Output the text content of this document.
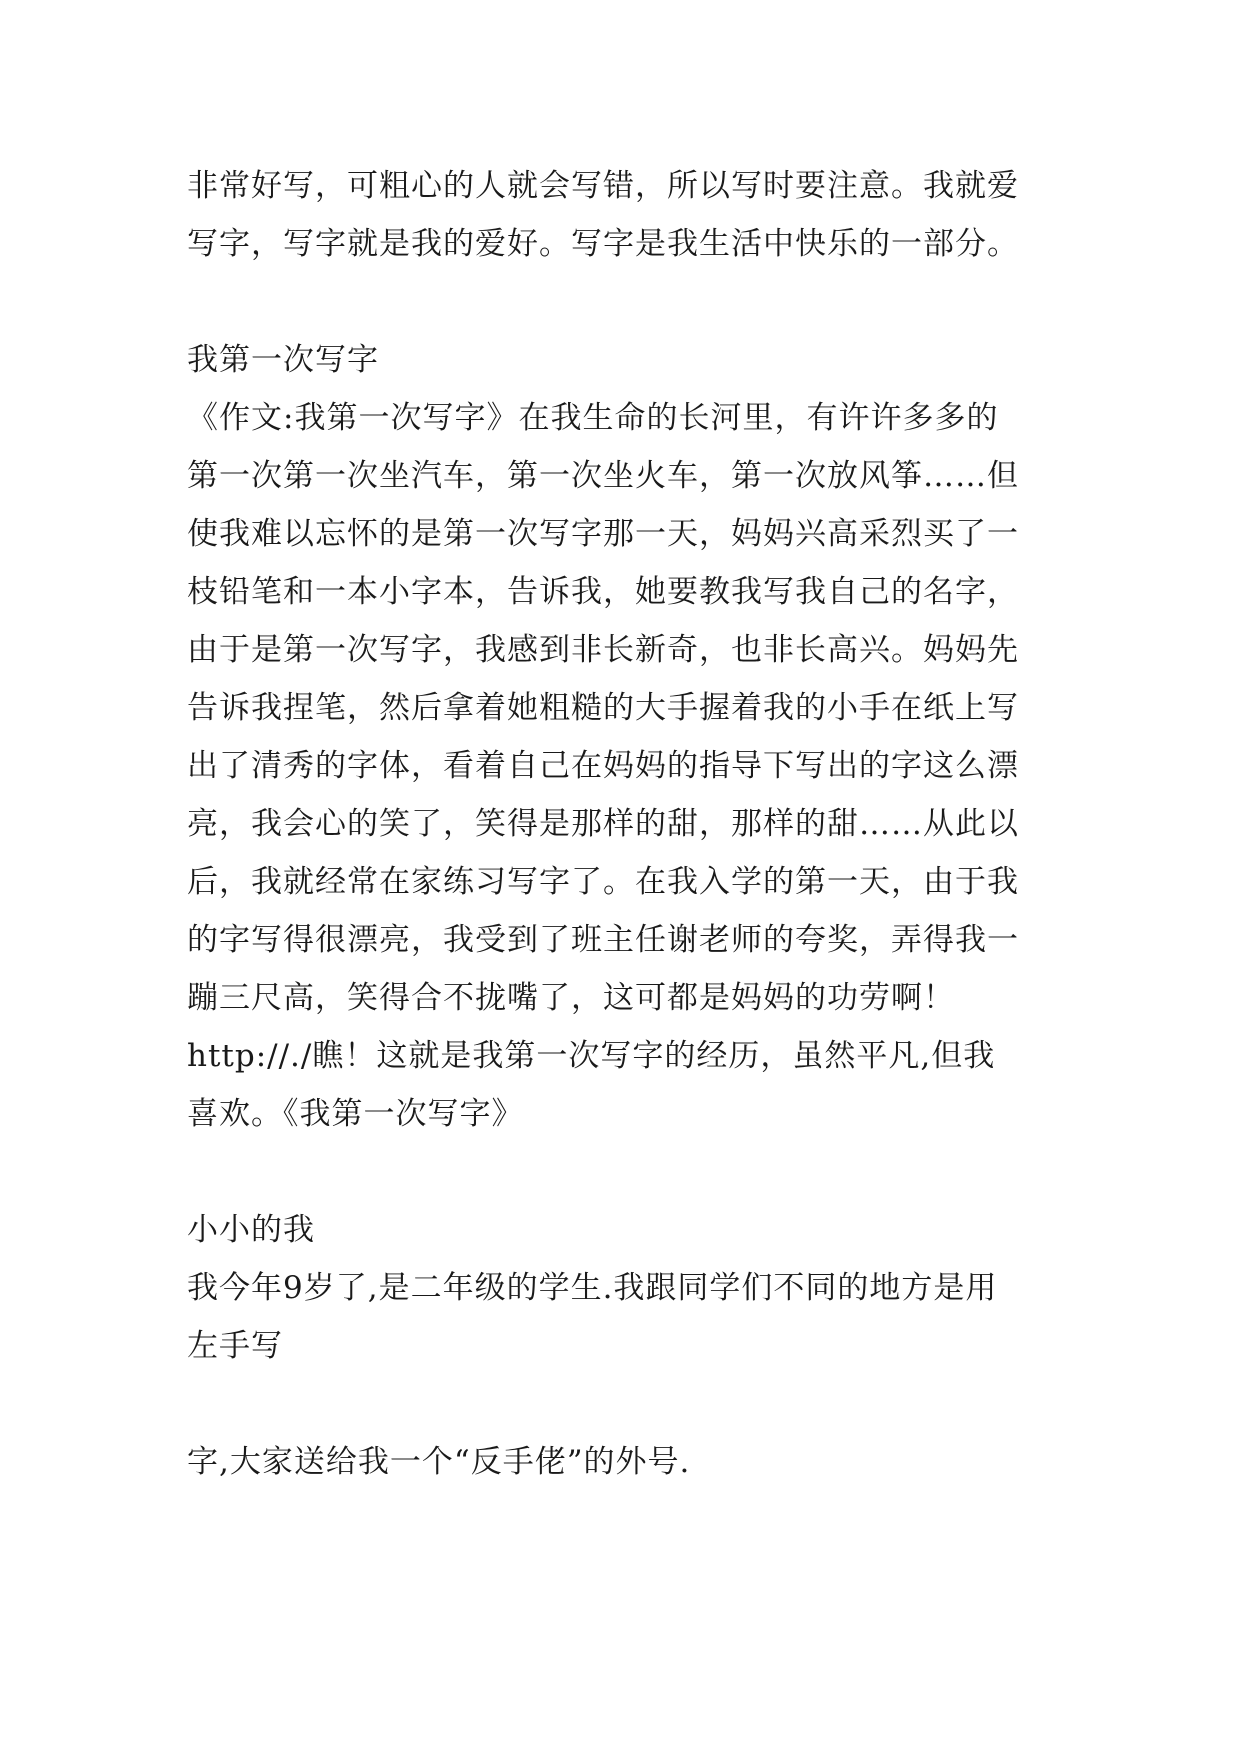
非常好写，可粗心的人就会写错，所以写时要注意。我就爱
写字，写字就是我的爱好。写字是我生活中快乐的一部分。
我第一次写字
《作文:我第一次写字》在我生命的长河里，有许许多多的
第一次第一次坐汽车，第一次坐火车，第一次放风筝……但
使我难以忘怀的是第一次写字那一天，妈妈兴高采烈买了一
枝铅笔和一本小字本，告诉我，她要教我写我自己的名字，
由于是第一次写字，我感到非长新奇，也非长高兴。妈妈先
告诉我捏笔，然后拿着她粗糙的大手握着我的小手在纸上写
出了清秀的字体，看着自己在妈妈的指导下写出的字这么漂
亮，我会心的笑了，笑得是那样的甜，那样的甜……从此以
后，我就经常在家练习写字了。在我入学的第一天，由于我
的字写得很漂亮，我受到了班主任谢老师的夸奖，弄得我一
蹦三尺高，笑得合不拢嘴了，这可都是妈妈的功劳啊！
http://./瞧！这就是我第一次写字的经历，虽然平凡,但我
喜欢。《我第一次写字》
小小的我
我今年9岁了,是二年级的学生.我跟同学们不同的地方是用
左手写
字,大家送给我一个“反手佬”的外号.
